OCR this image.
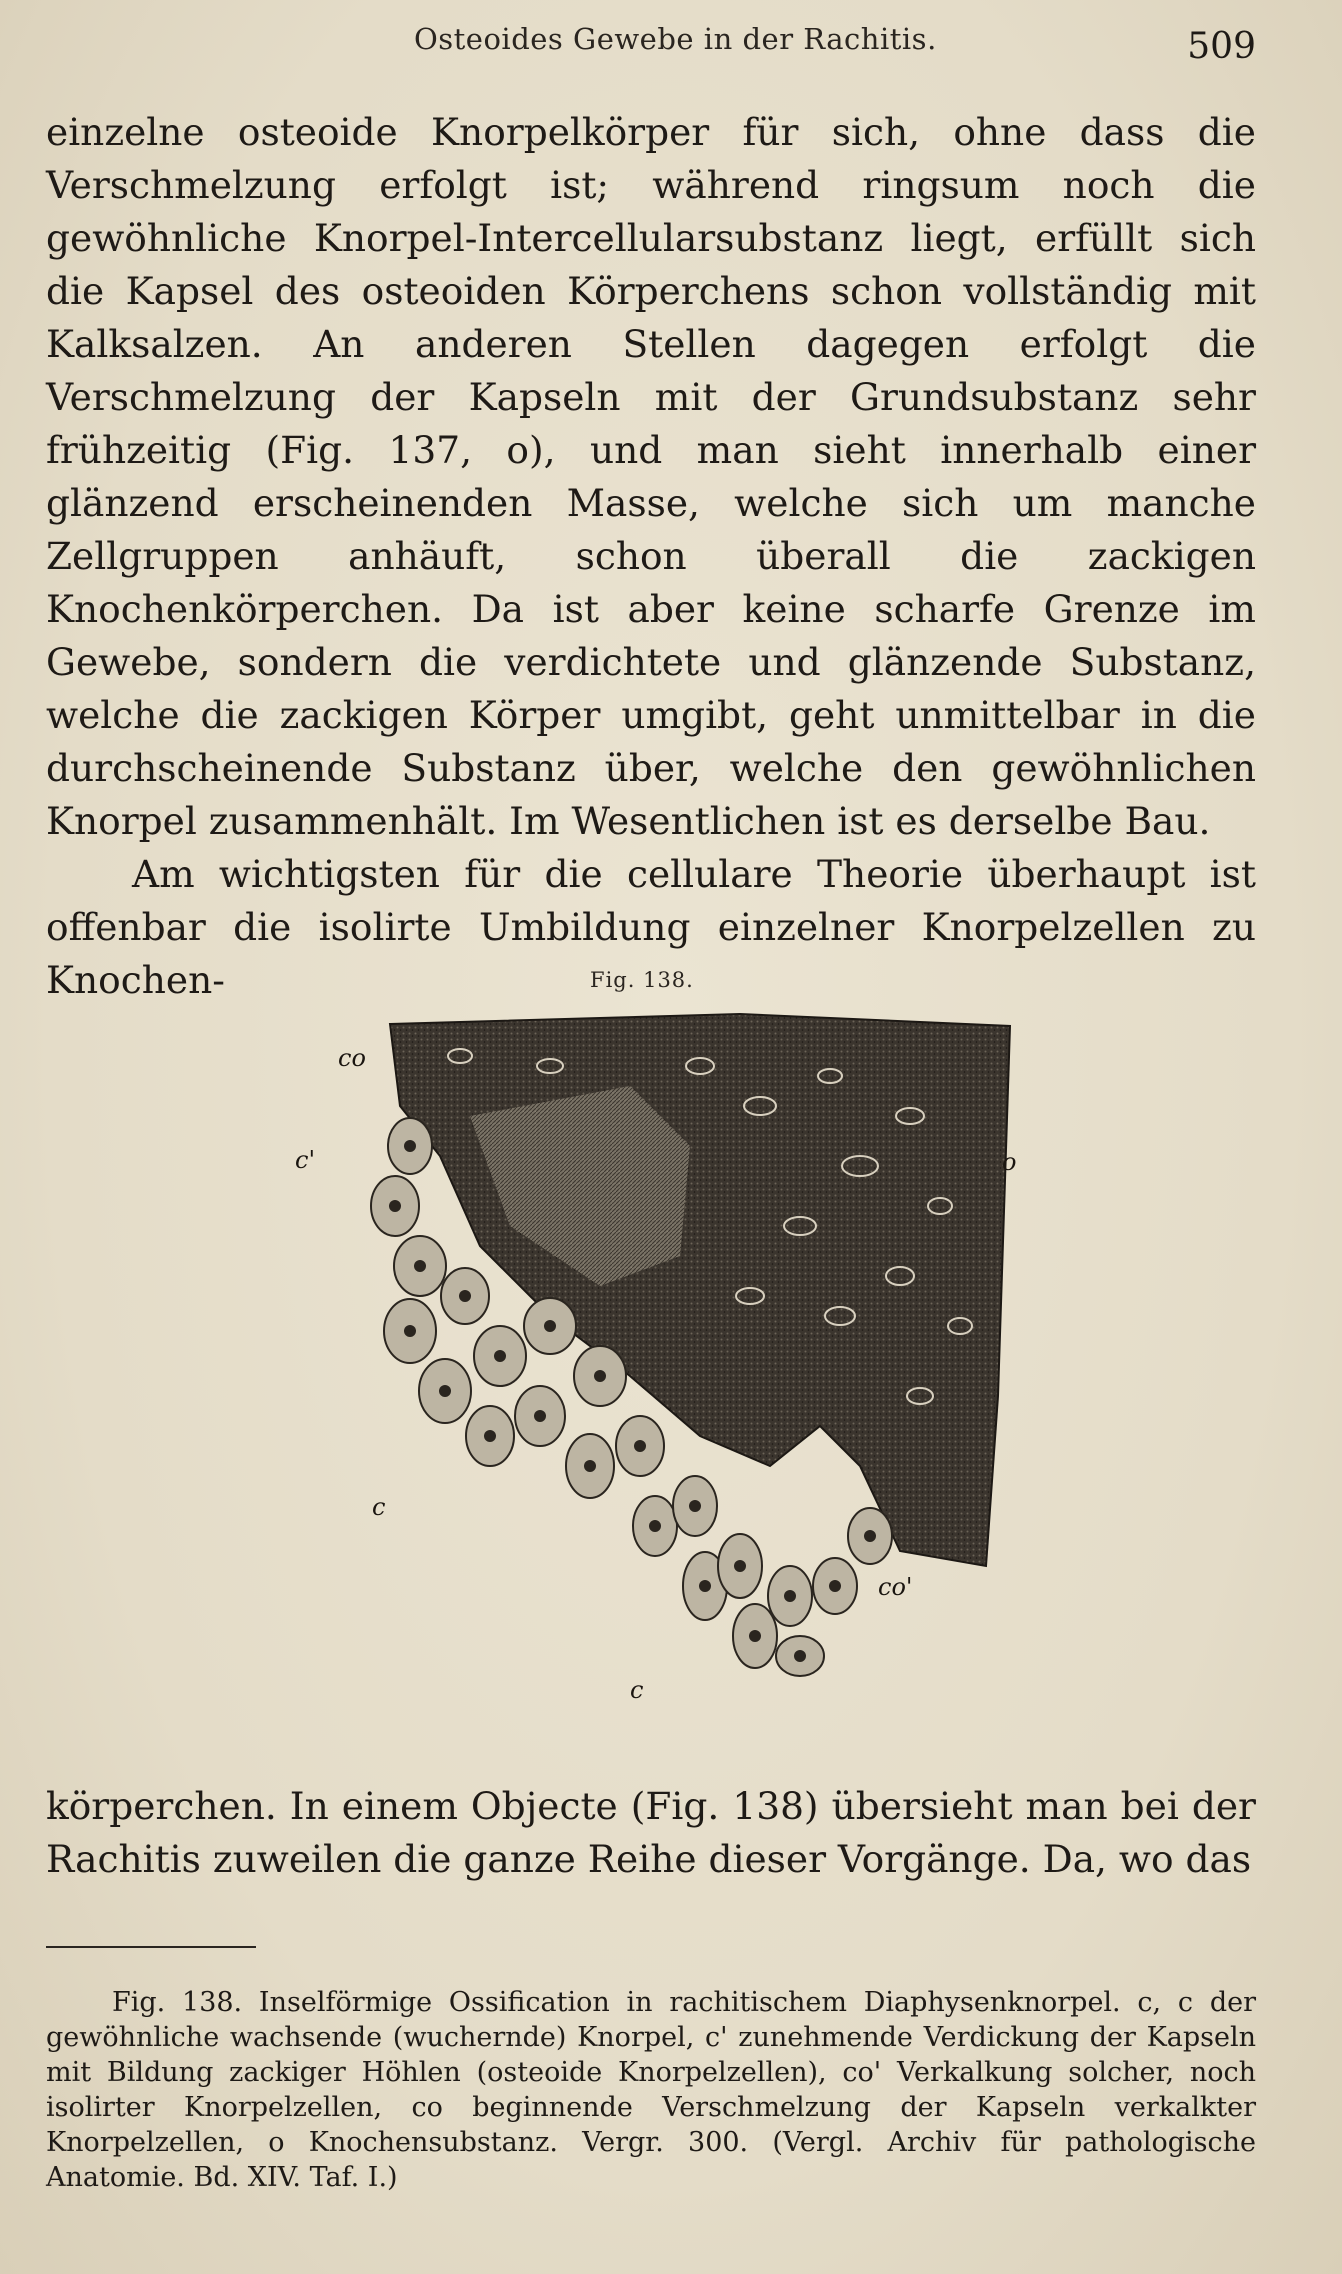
Osteoides Gewebe in der Rachitis.	509

einzelne osteoide Knorpelkörper für sich, ohne dass die Verschmelzung erfolgt ist; während ringsum noch die gewöhnliche Knorpel-Intercellularsubstanz liegt, erfüllt sich die Kapsel des osteoiden Körperchens schon vollständig mit Kalksalzen. An anderen Stellen dagegen erfolgt die Verschmelzung der Kapseln mit der Grundsubstanz sehr frühzeitig (Fig. 137, o), und man sieht innerhalb einer glänzend erscheinenden Masse, welche sich um manche Zellgruppen anhäuft, schon überall die zackigen Knochenkörperchen. Da ist aber keine scharfe Grenze im Gewebe, sondern die verdichtete und glänzende Substanz, welche die zackigen Körper umgibt, geht unmittelbar in die durchscheinende Substanz über, welche den gewöhnlichen Knorpel zusammenhält. Im Wesentlichen ist es derselbe Bau.

Am wichtigsten für die cellulare Theorie überhaupt ist offenbar die isolirte Umbildung einzelner Knorpelzellen zu Knochen-	Fig. 138.
co
c'	o
c
co'
c

körperchen. In einem Objecte (Fig. 138) übersieht man bei der Rachitis zuweilen die ganze Reihe dieser Vorgänge. Da, wo das

Fig. 138. Inselförmige Ossification in rachitischem Diaphysenknorpel. c, c der gewöhnliche wachsende (wuchernde) Knorpel, c' zunehmende Verdickung der Kapseln mit Bildung zackiger Höhlen (osteoide Knorpelzellen), co' Verkalkung solcher, noch isolirter Knorpelzellen, co beginnende Verschmelzung der Kapseln verkalkter Knorpelzellen, o Knochensubstanz. Vergr. 300. (Vergl. Archiv für pathologische Anatomie. Bd. XIV. Taf. I.)
